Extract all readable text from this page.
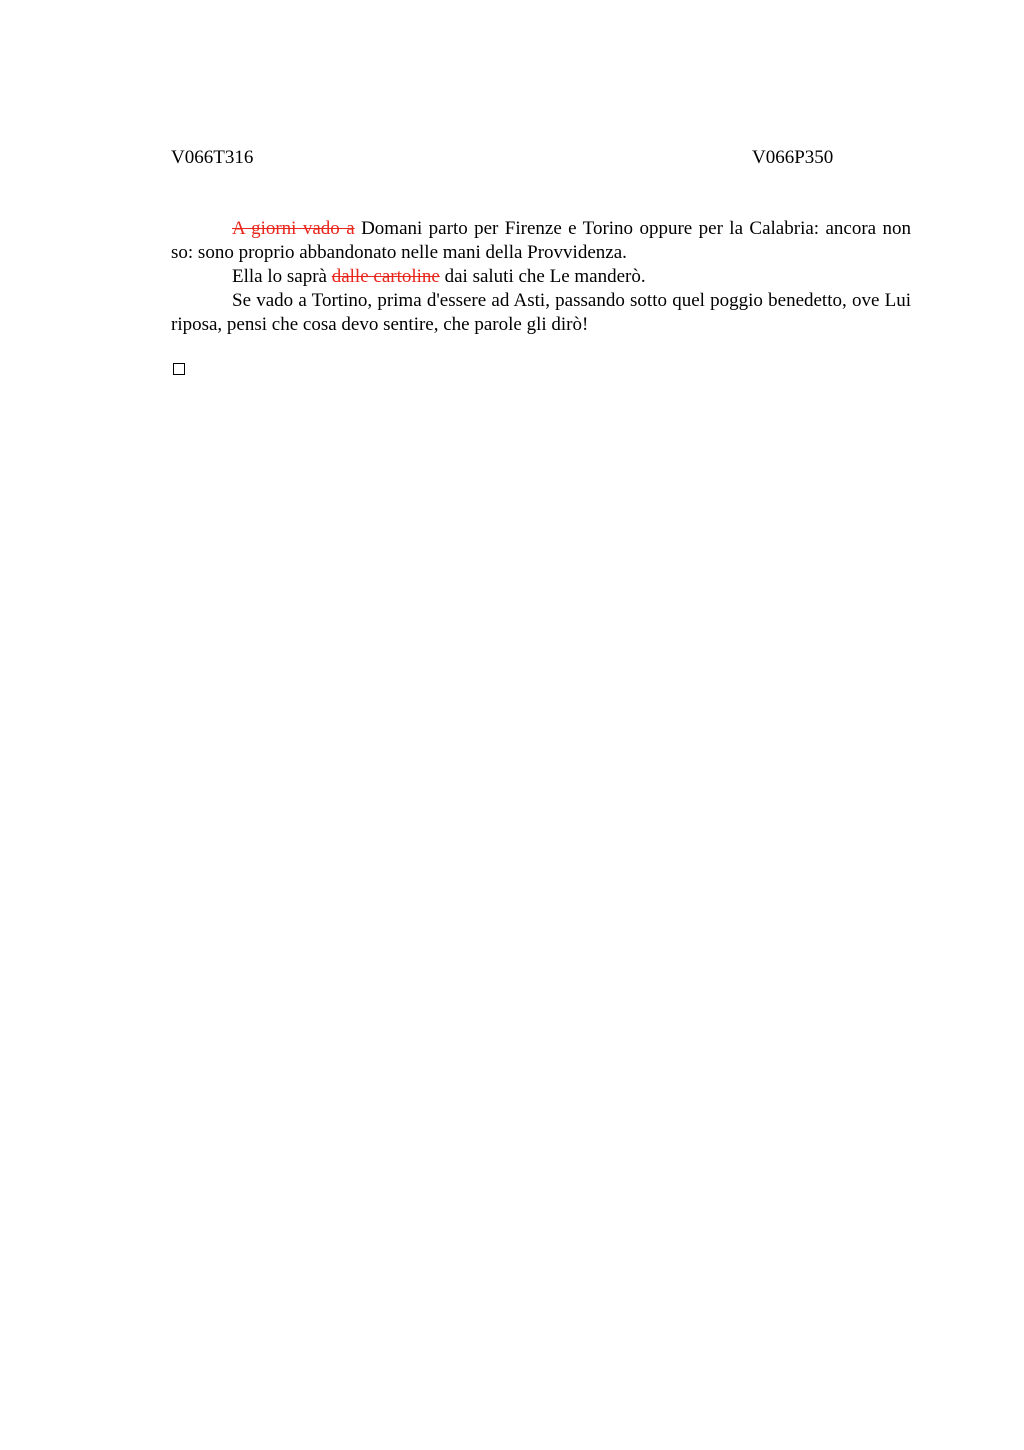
V066T316	V066P350

A giorni vado a Domani parto per Firenze e Torino oppure per la Calabria: ancora non so: sono proprio abbandonato nelle mani della Provvidenza.

Ella lo saprà dalle cartoline dai saluti che Le manderò.

Se vado a Tortino, prima d'essere ad Asti, passando sotto quel poggio benedetto, ove Lui riposa, pensi che cosa devo sentire, che parole gli dirò!
